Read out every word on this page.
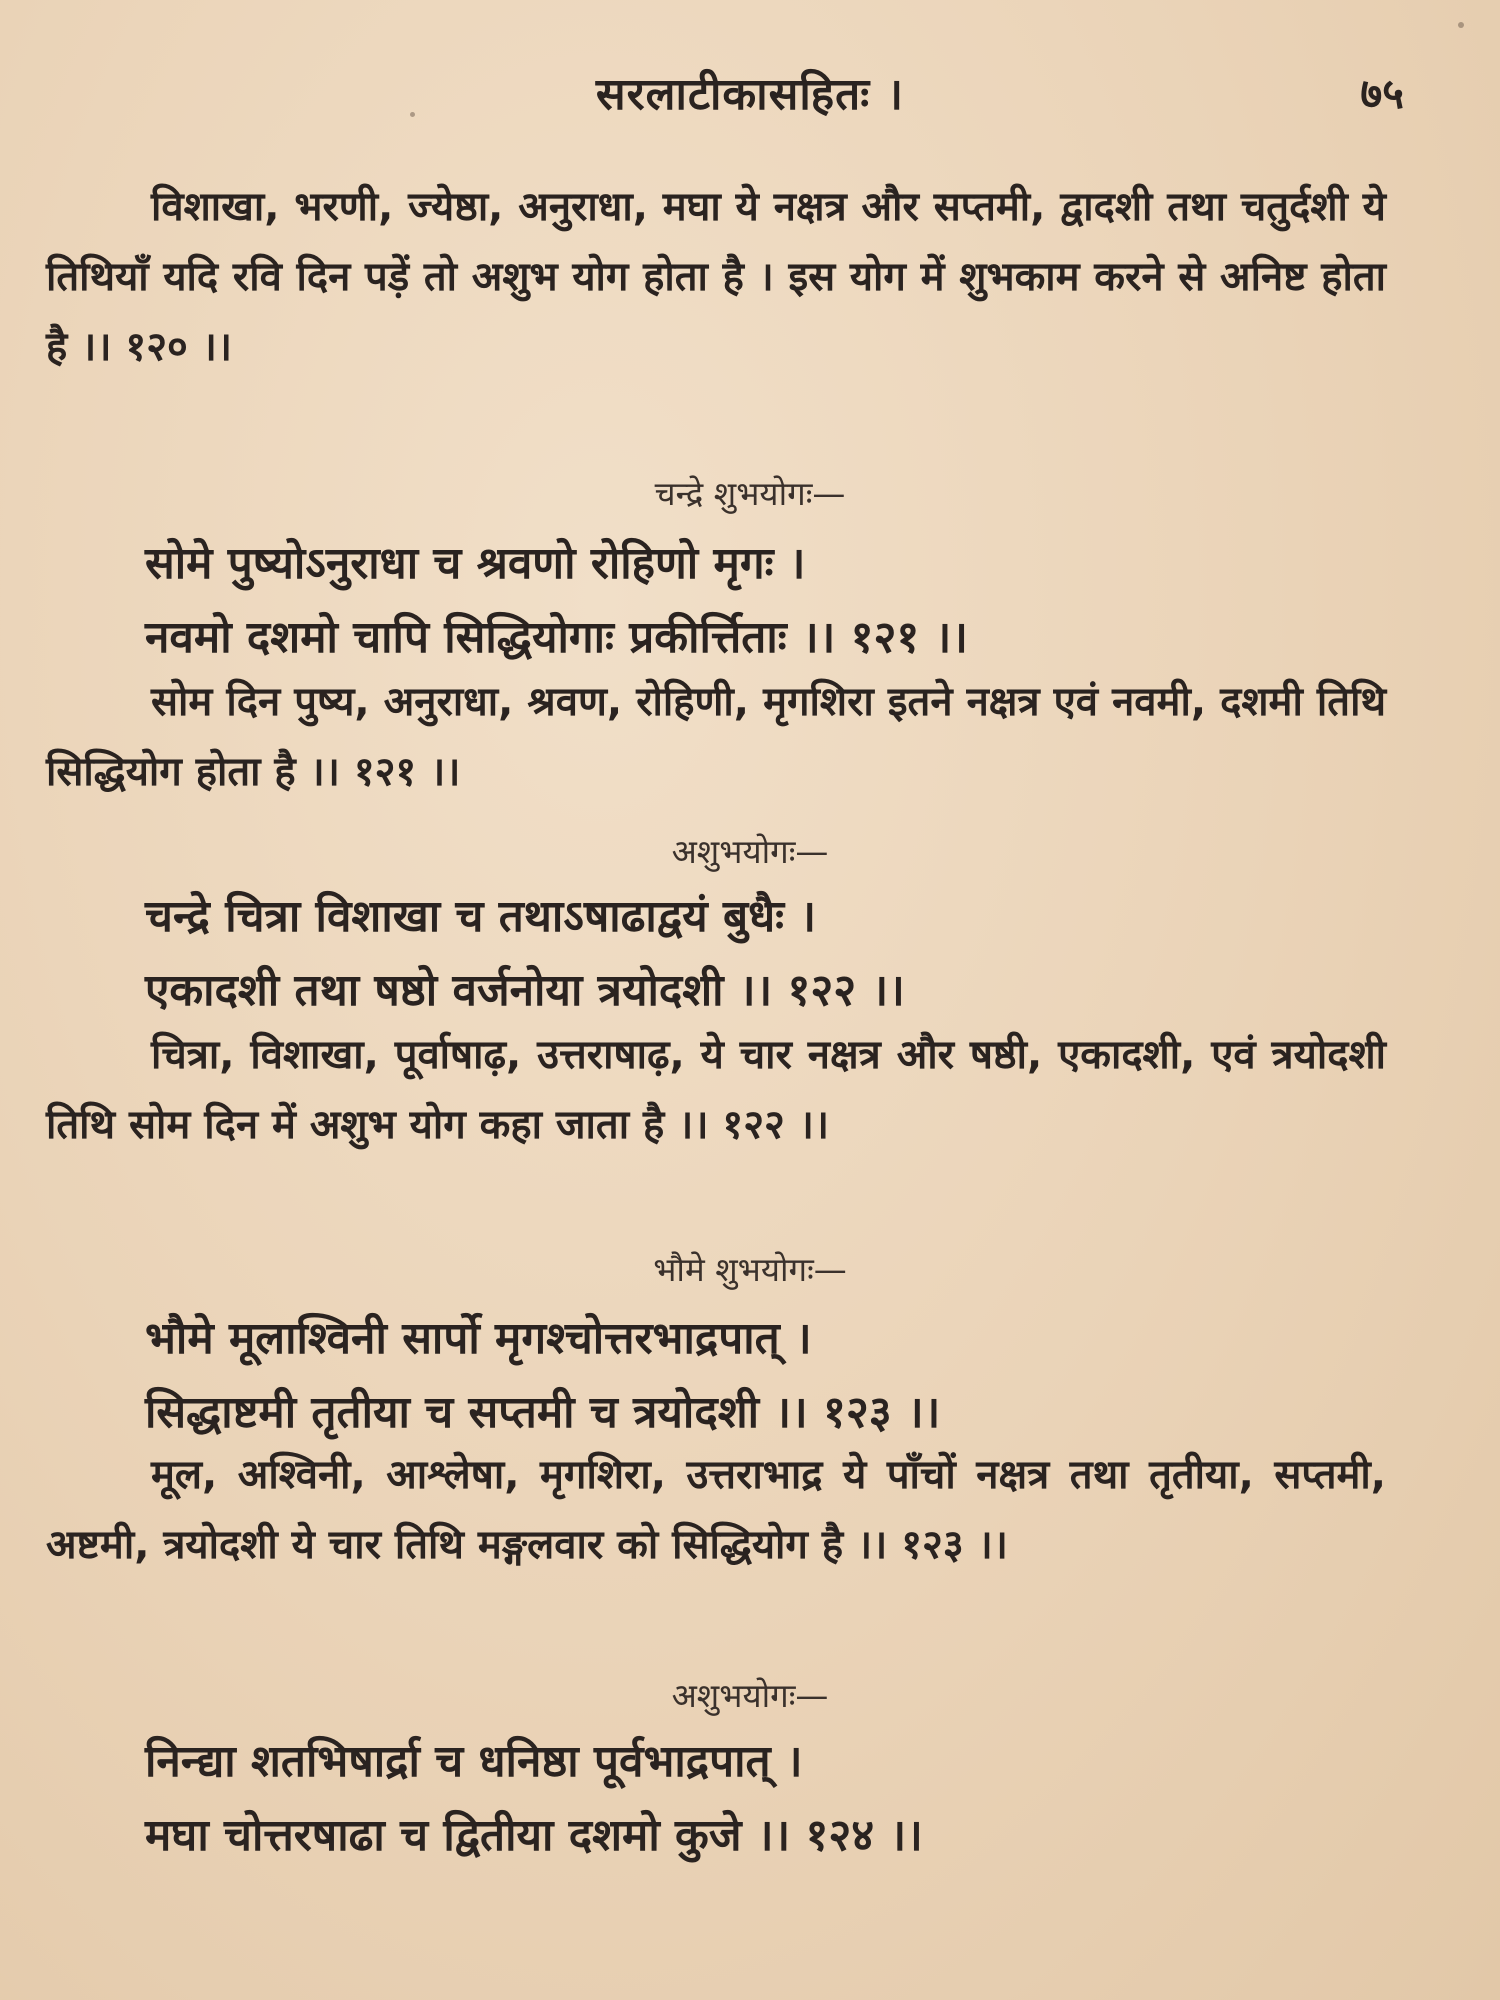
सरलाटीकासहितः ।	७५

विशाखा, भरणी, ज्येष्ठा, अनुराधा, मघा ये नक्षत्र और सप्तमी, द्वादशी तथा चतुर्दशी ये तिथियाँ यदि रवि दिन पड़ें तो अशुभ योग होता है । इस योग में शुभकाम करने से अनिष्ट होता है ।। १२० ।।

चन्द्रे शुभयोगः—
सोमे पुष्योऽनुराधा च श्रवणो रोहिणो मृगः ।
नवमो दशमो चापि सिद्धियोगाः प्रकीर्त्तिताः ।। १२१ ।।

सोम दिन पुष्य, अनुराधा, श्रवण, रोहिणी, मृगशिरा इतने नक्षत्र एवं नवमी, दशमी तिथि सिद्धियोग होता है ।। १२१ ।।

अशुभयोगः—
चन्द्रे चित्रा विशाखा च तथाऽषाढाद्वयं बुधैः ।
एकादशी तथा षष्ठो वर्जनोया त्रयोदशी ।। १२२ ।।

चित्रा, विशाखा, पूर्वाषाढ़, उत्तराषाढ़, ये चार नक्षत्र और षष्ठी, एकादशी, एवं त्रयोदशी तिथि सोम दिन में अशुभ योग कहा जाता है ।। १२२ ।।

भौमे शुभयोगः—
भौमे मूलाश्विनी सार्पो मृगश्चोत्तरभाद्रपात् ।
सिद्धाष्टमी तृतीया च सप्तमी च त्रयोदशी ।। १२३ ।।

मूल, अश्विनी, आश्लेषा, मृगशिरा, उत्तराभाद्र ये पाँचों नक्षत्र तथा तृतीया, सप्तमी, अष्टमी, त्रयोदशी ये चार तिथि मङ्गलवार को सिद्धियोग है ।। १२३ ।।

अशुभयोगः—
निन्द्या शतभिषार्द्रा च धनिष्ठा पूर्वभाद्रपात् ।
मघा चोत्तरषाढा च द्वितीया दशमो कुजे ।। १२४ ।।
